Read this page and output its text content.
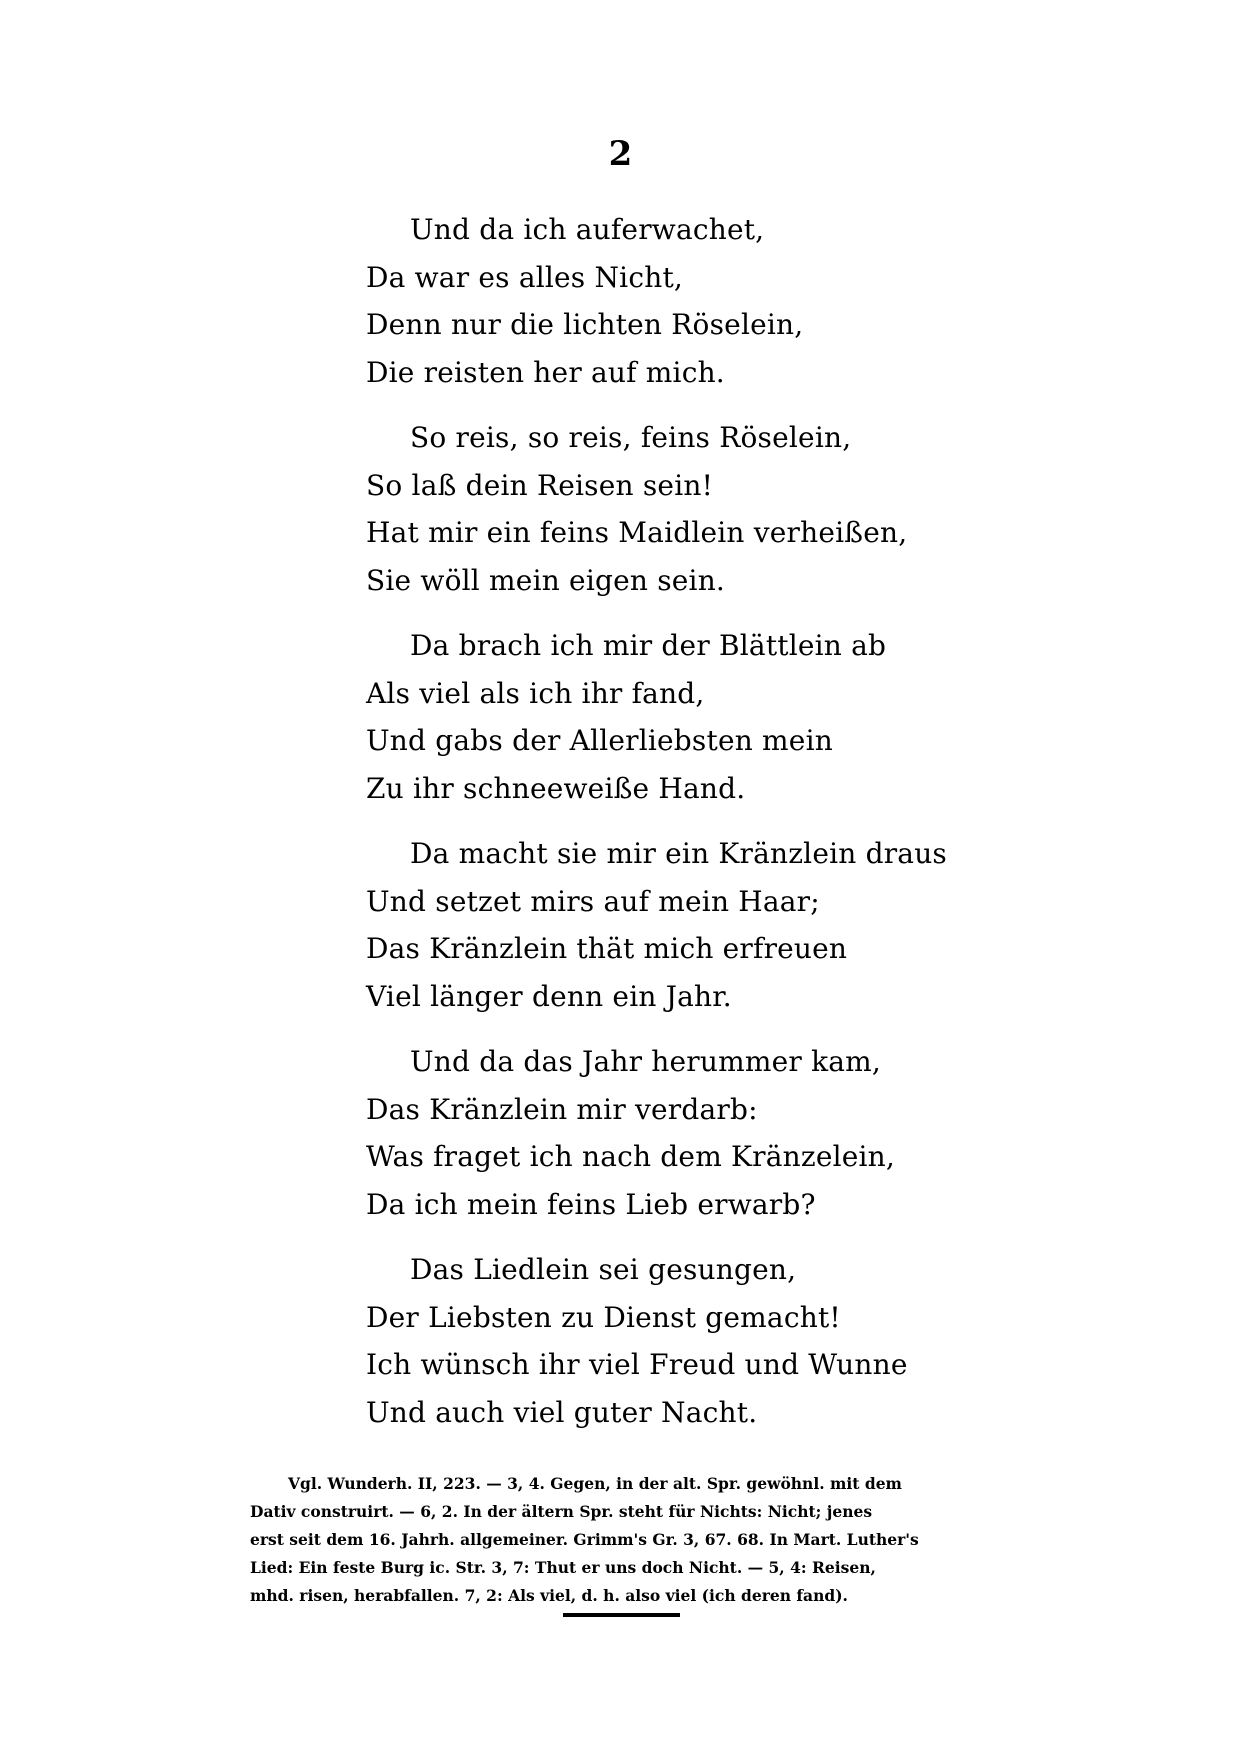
2
Und da ich auferwachet,
Da war es alles Nicht,
Denn nur die lichten Röselein,
Die reisten her auf mich.
So reis, so reis, feins Röselein,
So laß dein Reisen sein!
Hat mir ein feins Maidlein verheißen,
Sie wöll mein eigen sein.
Da brach ich mir der Blättlein ab
Als viel als ich ihr fand,
Und gabs der Allerliebsten mein
Zu ihr schneeweiße Hand.
Da macht sie mir ein Kränzlein draus
Und setzet mirs auf mein Haar;
Das Kränzlein thät mich erfreuen
Viel länger denn ein Jahr.
Und da das Jahr herummer kam,
Das Kränzlein mir verdarb:
Was fraget ich nach dem Kränzelein,
Da ich mein feins Lieb erwarb?
Das Liedlein sei gesungen,
Der Liebsten zu Dienst gemacht!
Ich wünsch ihr viel Freud und Wunne
Und auch viel guter Nacht.
Vgl. Wunderh. II, 223. — 3, 4. Gegen, in der alt. Spr. gewöhnl. mit dem
Dativ construirt. — 6, 2. In der ältern Spr. steht für Nichts: Nicht; jenes
erst seit dem 16. Jahrh. allgemeiner. Grimm's Gr. 3, 67. 68. In Mart. Luther's
Lied: Ein feste Burg ic. Str. 3, 7: Thut er uns doch Nicht. — 5, 4: Reisen,
mhd. risen, herabfallen. 7, 2: Als viel, d. h. also viel (ich deren fand).
